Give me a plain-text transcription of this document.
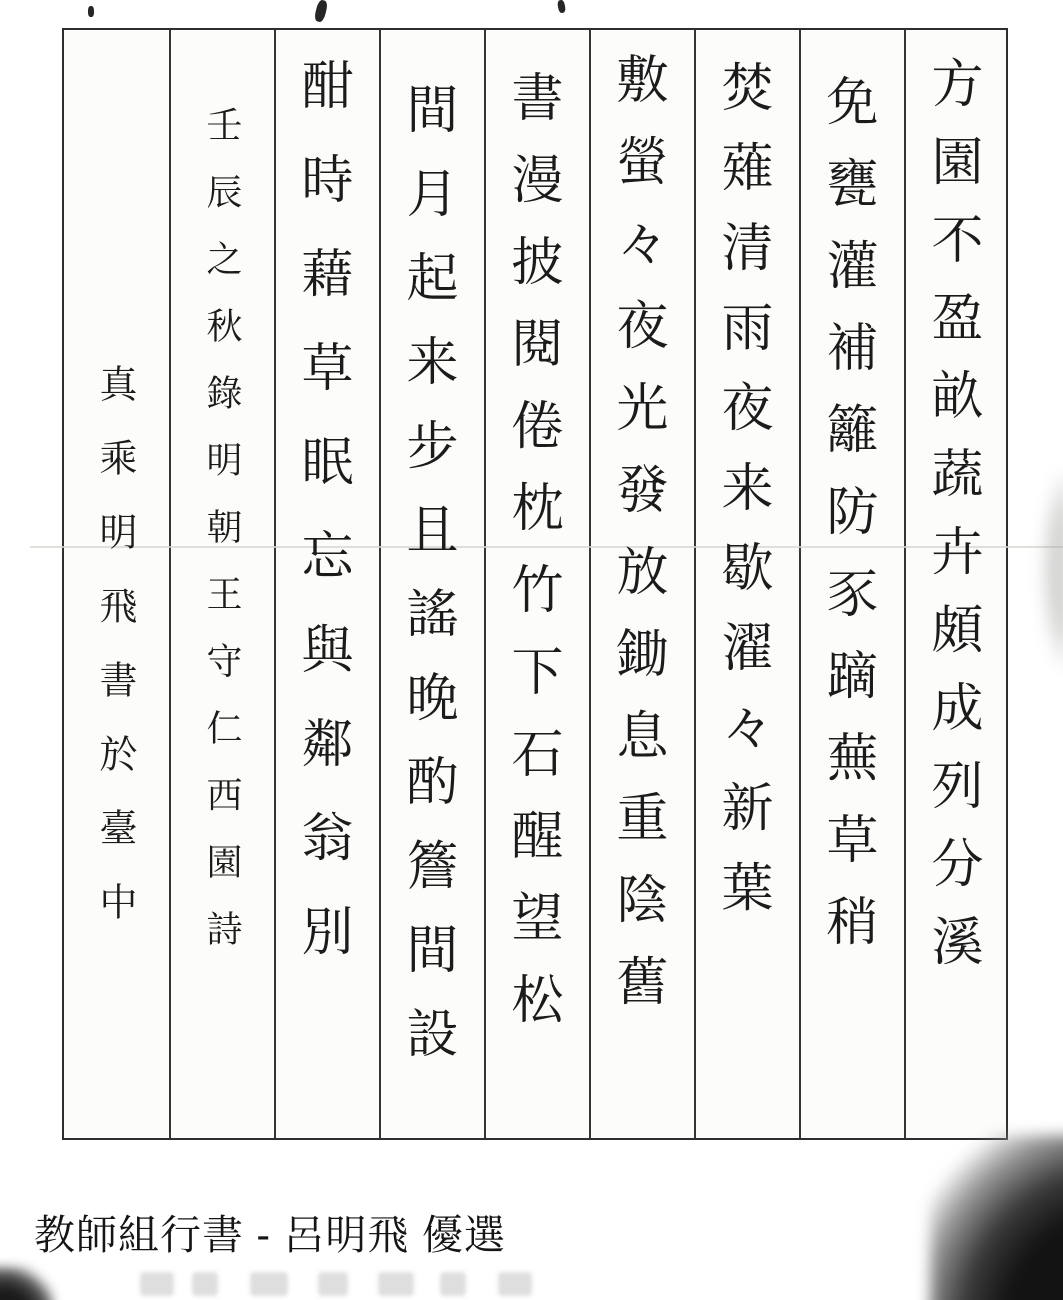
方園不盈畝蔬卉頗成列分溪
免甕灌補籬防豕蹢蕪草稍
焚薙清雨夜来歇濯々新葉
敷螢々夜光發放鋤息重陰舊
書漫披閱倦枕竹下石醒望松
間月起来步且謠晚酌簷間設
酣時藉草眠忘與鄰翁別
壬辰之秋錄明朝王守仁西園詩
真乘明飛書於臺中
教師組行書 - 呂明飛 優選
